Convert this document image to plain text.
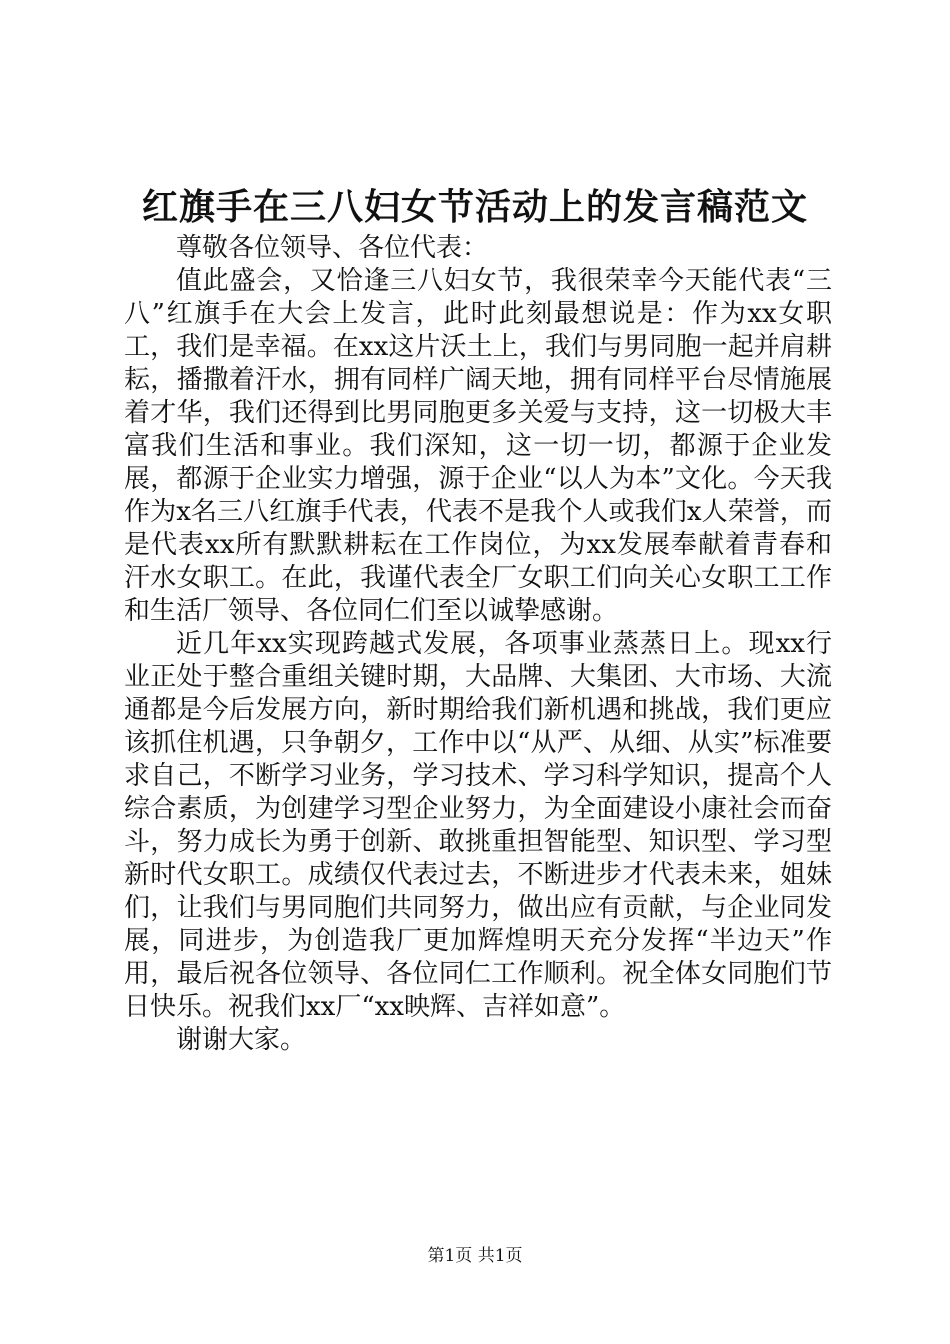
红旗手在三八妇女节活动上的发言稿范文

尊敬各位领导、各位代表：

值此盛会，又恰逢三八妇女节，我很荣幸今天能代表“三八”红旗手在大会上发言，此时此刻最想说是：作为xx女职工，我们是幸福。在xx这片沃土上，我们与男同胞一起并肩耕耘，播撒着汗水，拥有同样广阔天地，拥有同样平台尽情施展着才华，我们还得到比男同胞更多关爱与支持，这一切极大丰富我们生活和事业。我们深知，这一切一切，都源于企业发展，都源于企业实力增强，源于企业“以人为本”文化。今天我作为x名三八红旗手代表，代表不是我个人或我们x人荣誉，而是代表xx所有默默耕耘在工作岗位，为xx发展奉献着青春和汗水女职工。在此，我谨代表全厂女职工们向关心女职工工作和生活厂领导、各位同仁们至以诚挚感谢。

近几年xx实现跨越式发展，各项事业蒸蒸日上。现xx行业正处于整合重组关键时期，大品牌、大集团、大市场、大流通都是今后发展方向，新时期给我们新机遇和挑战，我们更应该抓住机遇，只争朝夕，工作中以“从严、从细、从实”标准要求自己，不断学习业务，学习技术、学习科学知识，提高个人综合素质，为创建学习型企业努力，为全面建设小康社会而奋斗，努力成长为勇于创新、敢挑重担智能型、知识型、学习型新时代女职工。成绩仅代表过去，不断进步才代表未来，姐妹们，让我们与男同胞们共同努力，做出应有贡献，与企业同发展，同进步，为创造我厂更加辉煌明天充分发挥“半边天”作用，最后祝各位领导、各位同仁工作顺利。祝全体女同胞们节日快乐。祝我们xx厂“xx映辉、吉祥如意”。

谢谢大家。

第1页 共1页
